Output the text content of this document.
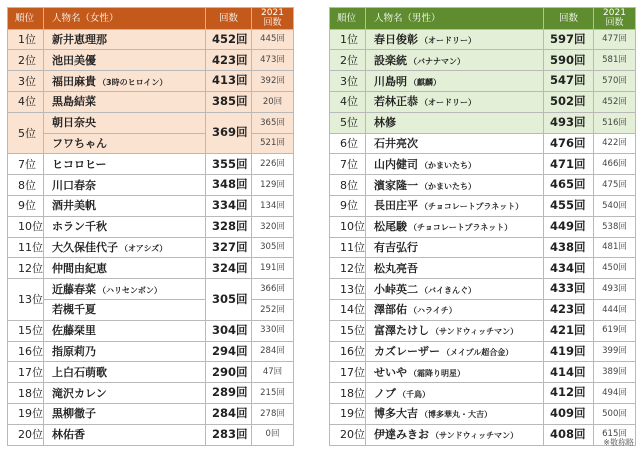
順位	人物名（女性）	回数	2021
回数
1位	新井恵理那	452回	445回
2位	池田美優	423回	473回
3位	福田麻貴 （3時のヒロイン）	413回	392回
4位	黒島結菜	385回	20回
5位	朝日奈央	369回	365回
	フワちゃん		521回
7位	ヒコロヒー	355回	226回
8位	川口春奈	348回	129回
9位	酒井美帆	334回	134回
10位	ホラン千秋	328回	320回
11位	大久保佳代子 （オアシズ）	327回	305回
12位	仲間由紀恵	324回	191回
13位	近藤春菜 （ハリセンボン）	305回	366回
	若槻千夏		252回
15位	佐藤栞里	304回	330回
16位	指原莉乃	294回	284回
17位	上白石萌歌	290回	47回
18位	滝沢カレン	289回	215回
19位	黒柳徹子	284回	278回
20位	林佑香	283回	0回
順位	人物名（男性）	回数	2021
回数
1位	春日俊彰 （オードリー）	597回	477回
2位	設楽統 （バナナマン）	590回	581回
3位	川島明 （麒麟）	547回	570回
4位	若林正恭 （オードリー）	502回	452回
5位	林修	493回	516回
6位	石井亮次	476回	422回
7位	山内健司 （かまいたち）	471回	466回
8位	濱家隆一 （かまいたち）	465回	475回
9位	長田庄平 （チョコレートプラネット）	455回	540回
10位	松尾駿 （チョコレートプラネット）	449回	538回
11位	有吉弘行	438回	481回
12位	松丸亮吾	434回	450回
13位	小峠英二 （バイきんぐ）	433回	493回
14位	澤部佑 （ハライチ）	423回	444回
15位	富澤たけし （サンドウィッチマン）	421回	619回
16位	カズレーザー （メイプル超合金）	419回	399回
17位	せいや （霜降り明星）	414回	389回
18位	ノブ （千鳥）	412回	494回
19位	博多大吉 （博多華丸・大吉）	409回	500回
20位	伊達みきお （サンドウィッチマン）	408回	615回
※敬称略
